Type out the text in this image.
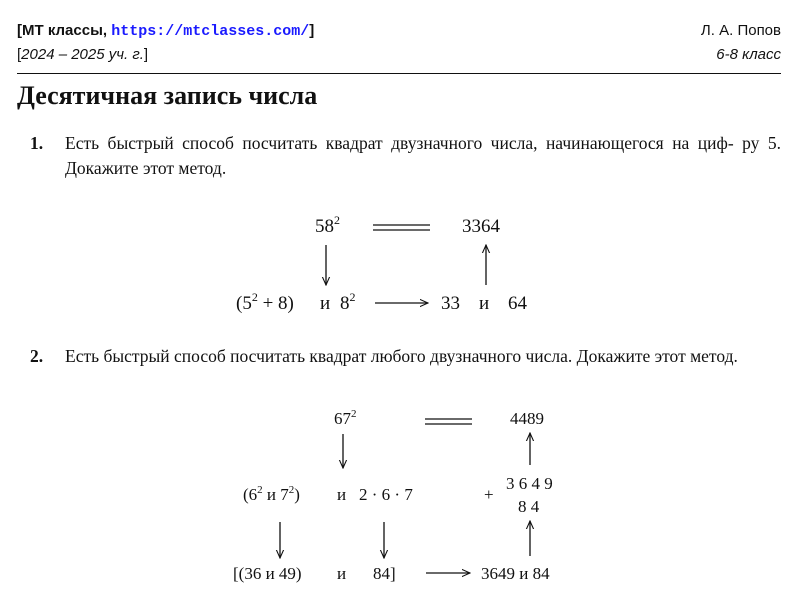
[МТ классы, https://mtclasses.com/]	Л. А. Попов
[2024 – 2025 уч. г.]	6-8 класс
Десятичная запись числа
1. Есть быстрый способ посчитать квадрат двузначного числа, начинающегося на циф- ру 5. Докажите этот метод.
2. Есть быстрый способ посчитать квадрат любого двузначного числа. Докажите этот метод.
$58^2$	3364
$(5^2 + 8)$ и $8^2$	33 и 64
$67^2$	4489
($6^2$ и $7^2$) и 2 · 6 · 7	+
3 6 4 9
8 4
[(36 и 49) и 84]	3649 и 84
